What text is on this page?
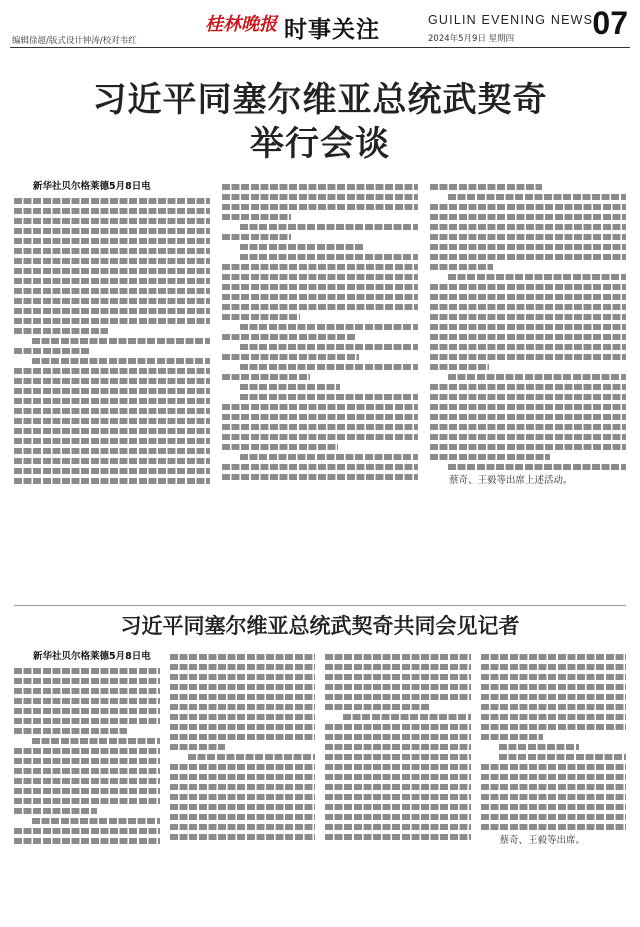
编辑徐超/版式设计钟涛/校对韦红
桂林晚报 时事关注	GUILIN EVENING NEWS
2024年5月9日 星期四 07
习近平同塞尔维亚总统武契奇
举行会谈
新华社贝尔格莱德5月8日电
蔡奇、王毅等出席上述活动。
习近平同塞尔维亚总统武契奇共同会见记者
新华社贝尔格莱德5月8日电
蔡奇、王毅等出席。
